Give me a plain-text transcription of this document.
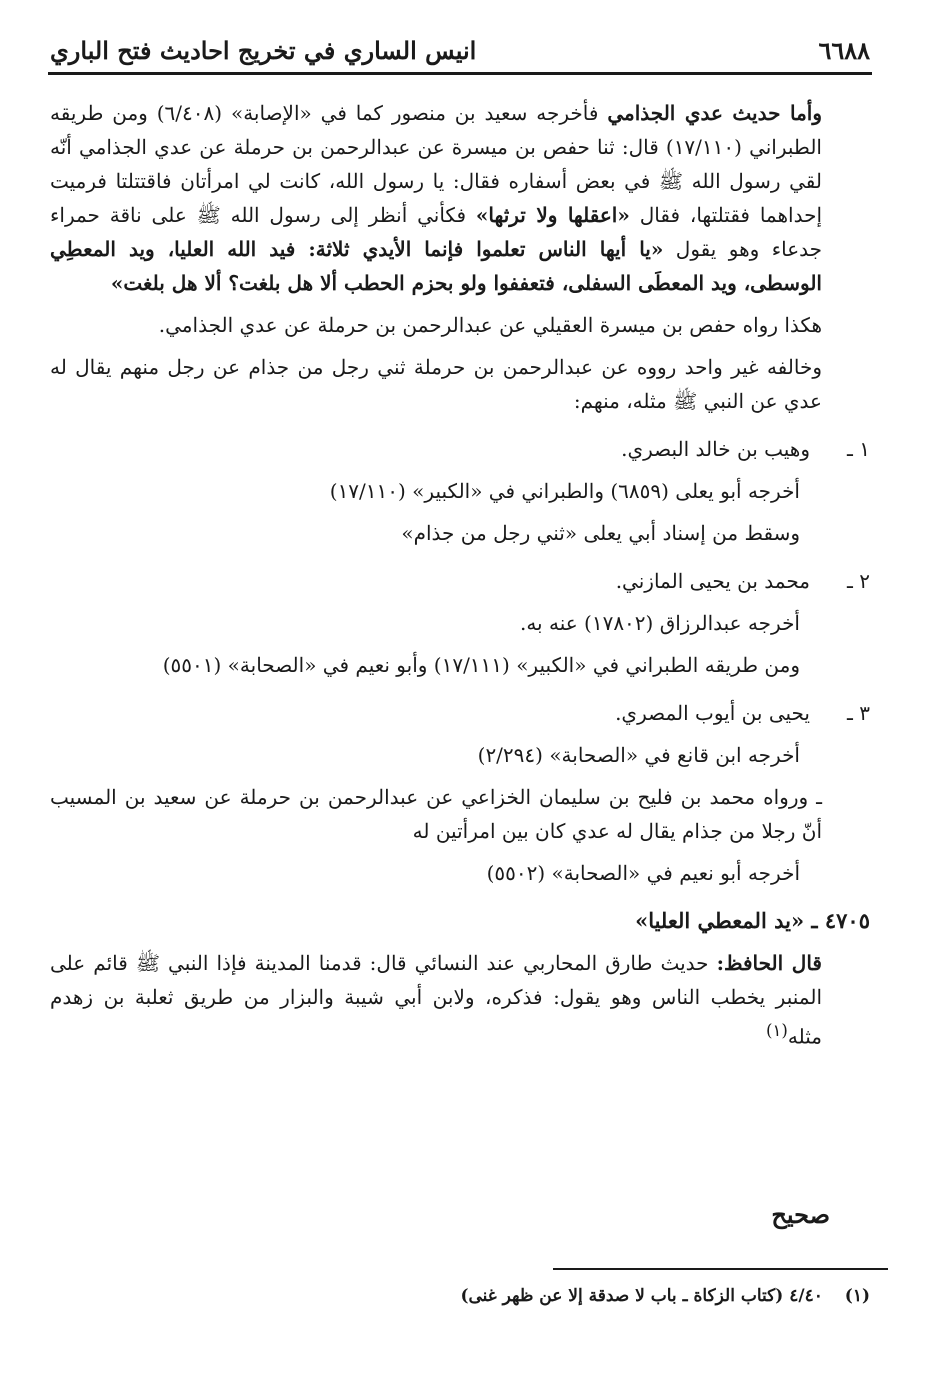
٦٦٨٨
انيس الساري في تخريج احاديث فتح الباري

وأما حديث عدي الجذامي فأخرجه سعيد بن منصور كما في «الإصابة» (٦/٤٠٨) ومن طريقه الطبراني (١٧/١١٠) قال: ثنا حفص بن ميسرة عن عبدالرحمن بن حرملة عن عدي الجذامي أنّه لقي رسول الله ﷺ في بعض أسفاره فقال: يا رسول الله، كانت لي امرأتان فاقتتلتا فرميت إحداهما فقتلتها، فقال «اعقلها ولا ترثها» فكأني أنظر إلى رسول الله ﷺ على ناقة حمراء جدعاء وهو يقول «يا أيها الناس تعلموا فإنما الأيدي ثلاثة: فيد الله العليا، ويد المعطِي الوسطى، ويد المعطَى السفلى، فتعففوا ولو بحزم الحطب ألا هل بلغت؟ ألا هل بلغت»

هكذا رواه حفص بن ميسرة العقيلي عن عبدالرحمن بن حرملة عن عدي الجذامي.

وخالفه غير واحد رووه عن عبدالرحمن بن حرملة ثني رجل من جذام عن رجل منهم يقال له عدي عن النبي ﷺ مثله، منهم:

١ ـوهيب بن خالد البصري.
أخرجه أبو يعلى (٦٨٥٩) والطبراني في «الكبير» (١٧/١١٠)
وسقط من إسناد أبي يعلى «ثني رجل من جذام»
٢ ـمحمد بن يحيى المازني.
أخرجه عبدالرزاق (١٧٨٠٢) عنه به.
ومن طريقه الطبراني في «الكبير» (١٧/١١١) وأبو نعيم في «الصحابة» (٥٥٠١)
٣ ـيحيى بن أيوب المصري.
أخرجه ابن قانع في «الصحابة» (٢/٢٩٤)

ـ ورواه محمد بن فليح بن سليمان الخزاعي عن عبدالرحمن بن حرملة عن سعيد بن المسيب أنّ رجلا من جذام يقال له عدي كان بين امرأتين له

أخرجه أبو نعيم في «الصحابة» (٥٥٠٢)
٤٧٠٥ ـ «يد المعطي العليا»

قال الحافظ: حديث طارق المحاربي عند النسائي قال: قدمنا المدينة فإذا النبي ﷺ قائم على المنبر يخطب الناس وهو يقول: فذكره، ولابن أبي شيبة والبزار من طريق ثعلبة بن زهدم مثله$^{(١)}$

صحيح
(١) ٤/٤٠ (كتاب الزكاة ـ باب لا صدقة إلا عن ظهر غنى)
